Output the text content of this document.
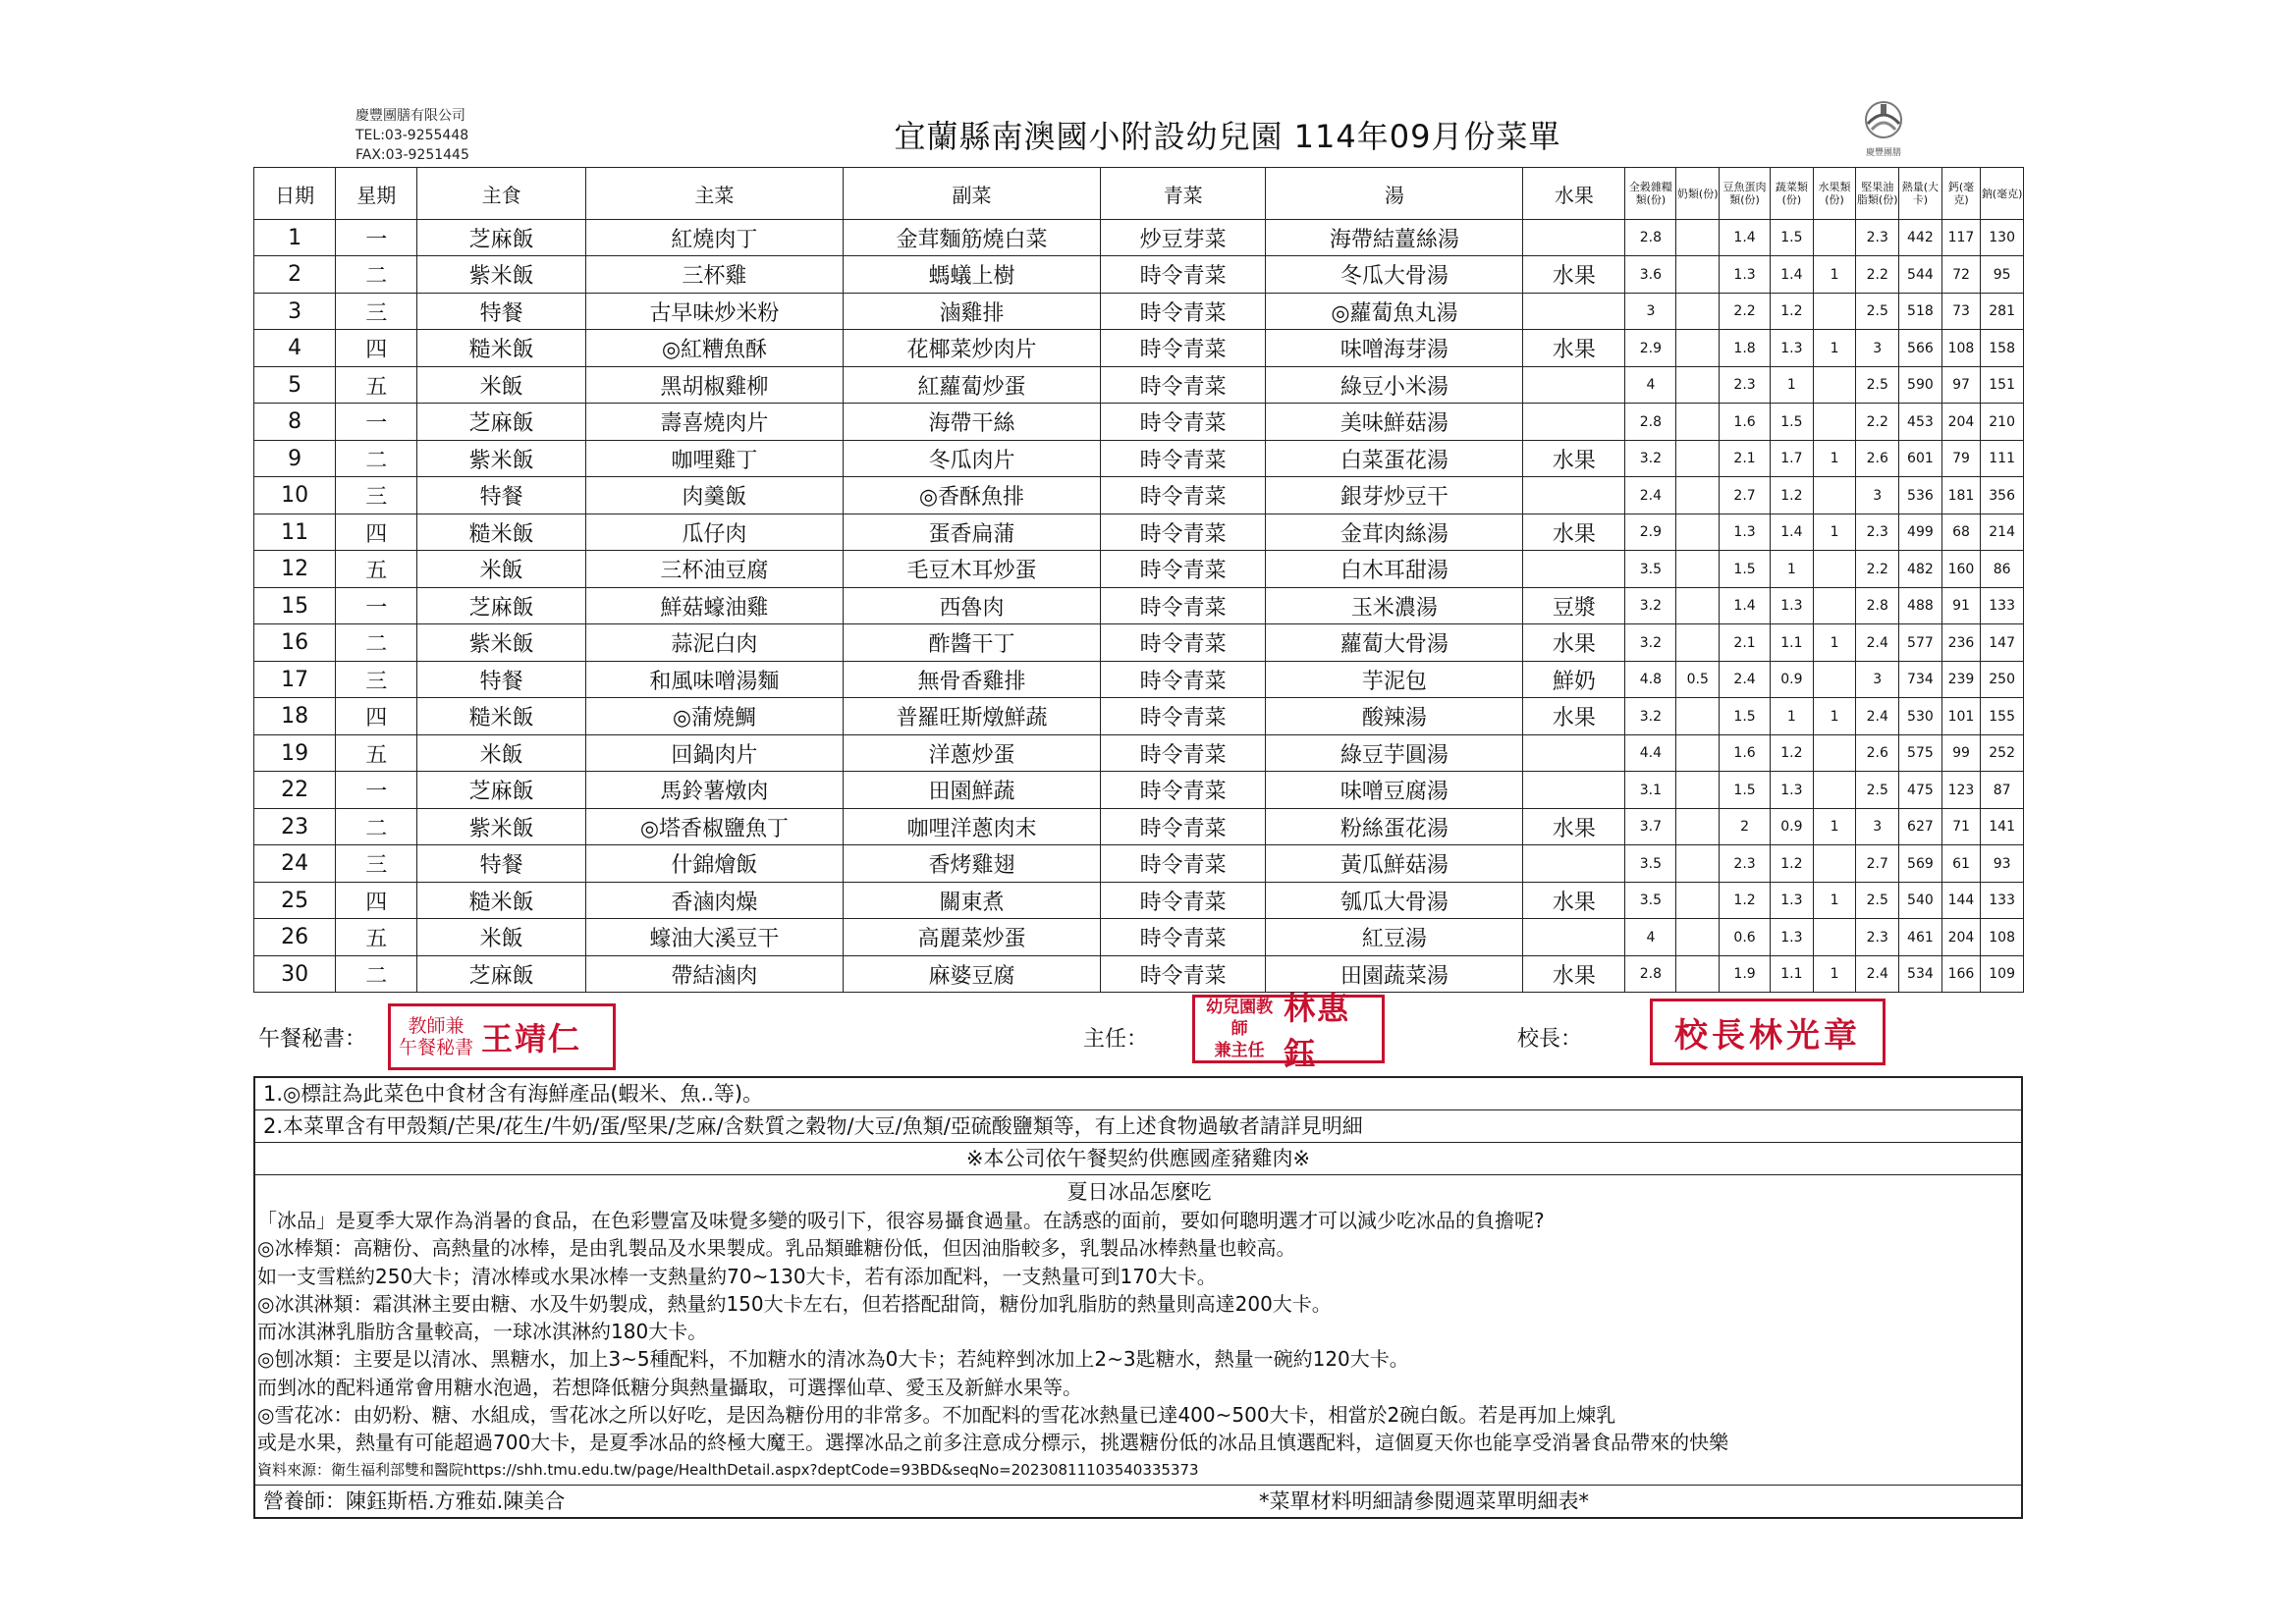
慶豐團膳有限公司
TEL:03-9255448
FAX:03-9251445	宜蘭縣南澳國小附設幼兒園 114年09月份菜單	慶豐團膳
日期	星期	主食	主菜	副菜	青菜	湯	水果	全穀雜糧類(份)	奶類(份)	豆魚蛋肉類(份)	蔬菜類(份)	水果類(份)	堅果油脂類(份)	熱量(大卡)	鈣(毫克)	鈉(毫克)
1	一	芝麻飯	紅燒肉丁	金茸麵筋燒白菜	炒豆芽菜	海帶結薑絲湯		2.8		1.4	1.5		2.3	442	117	130
2	二	紫米飯	三杯雞	螞蟻上樹	時令青菜	冬瓜大骨湯	水果	3.6		1.3	1.4	1	2.2	544	72	95
3	三	特餐	古早味炒米粉	滷雞排	時令青菜	◎蘿蔔魚丸湯		3		2.2	1.2		2.5	518	73	281
4	四	糙米飯	◎紅糟魚酥	花椰菜炒肉片	時令青菜	味噌海芽湯	水果	2.9		1.8	1.3	1	3	566	108	158
5	五	米飯	黑胡椒雞柳	紅蘿蔔炒蛋	時令青菜	綠豆小米湯		4		2.3	1		2.5	590	97	151
8	一	芝麻飯	壽喜燒肉片	海帶干絲	時令青菜	美味鮮菇湯		2.8		1.6	1.5		2.2	453	204	210
9	二	紫米飯	咖哩雞丁	冬瓜肉片	時令青菜	白菜蛋花湯	水果	3.2		2.1	1.7	1	2.6	601	79	111
10	三	特餐	肉羹飯	◎香酥魚排	時令青菜	銀芽炒豆干		2.4		2.7	1.2		3	536	181	356
11	四	糙米飯	瓜仔肉	蛋香扁蒲	時令青菜	金茸肉絲湯	水果	2.9		1.3	1.4	1	2.3	499	68	214
12	五	米飯	三杯油豆腐	毛豆木耳炒蛋	時令青菜	白木耳甜湯		3.5		1.5	1		2.2	482	160	86
15	一	芝麻飯	鮮菇蠔油雞	西魯肉	時令青菜	玉米濃湯	豆漿	3.2		1.4	1.3		2.8	488	91	133
16	二	紫米飯	蒜泥白肉	酢醬干丁	時令青菜	蘿蔔大骨湯	水果	3.2		2.1	1.1	1	2.4	577	236	147
17	三	特餐	和風味噌湯麵	無骨香雞排	時令青菜	芋泥包	鮮奶	4.8	0.5	2.4	0.9		3	734	239	250
18	四	糙米飯	◎蒲燒鯛	普羅旺斯燉鮮蔬	時令青菜	酸辣湯	水果	3.2		1.5	1	1	2.4	530	101	155
19	五	米飯	回鍋肉片	洋蔥炒蛋	時令青菜	綠豆芋圓湯		4.4		1.6	1.2		2.6	575	99	252
22	一	芝麻飯	馬鈴薯燉肉	田園鮮蔬	時令青菜	味噌豆腐湯		3.1		1.5	1.3		2.5	475	123	87
23	二	紫米飯	◎塔香椒鹽魚丁	咖哩洋蔥肉末	時令青菜	粉絲蛋花湯	水果	3.7		2	0.9	1	3	627	71	141
24	三	特餐	什錦燴飯	香烤雞翅	時令青菜	黃瓜鮮菇湯		3.5		2.3	1.2		2.7	569	61	93
25	四	糙米飯	香滷肉燥	關東煮	時令青菜	瓠瓜大骨湯	水果	3.5		1.2	1.3	1	2.5	540	144	133
26	五	米飯	蠔油大溪豆干	高麗菜炒蛋	時令青菜	紅豆湯		4		0.6	1.3		2.3	461	204	108
30	二	芝麻飯	帶結滷肉	麻婆豆腐	時令青菜	田園蔬菜湯	水果	2.8		1.9	1.1	1	2.4	534	166	109
午餐秘書：
教師兼
午餐秘書 王靖仁	主任：
幼兒園教師
兼主任
林惠鈺	校長：	校長林光章
1.◎標註為此菜色中食材含有海鮮產品(蝦米、魚..等)。
2.本菜單含有甲殼類/芒果/花生/牛奶/蛋/堅果/芝麻/含麩質之穀物/大豆/魚類/亞硫酸鹽類等，有上述食物過敏者請詳見明細
※本公司依午餐契約供應國產豬雞肉※
夏日冰品怎麼吃
「冰品」是夏季大眾作為消暑的食品，在色彩豐富及味覺多變的吸引下，很容易攝食過量。在誘惑的面前，要如何聰明選才可以減少吃冰品的負擔呢?
◎冰棒類：高糖份、高熱量的冰棒，是由乳製品及水果製成。乳品類雖糖份低，但因油脂較多，乳製品冰棒熱量也較高。
如一支雪糕約250大卡；清冰棒或水果冰棒一支熱量約70~130大卡，若有添加配料，一支熱量可到170大卡。
◎冰淇淋類：霜淇淋主要由糖、水及牛奶製成，熱量約150大卡左右，但若搭配甜筒，糖份加乳脂肪的熱量則高達200大卡。
而冰淇淋乳脂肪含量較高，一球冰淇淋約180大卡。
◎刨冰類：主要是以清冰、黑糖水，加上3~5種配料，不加糖水的清冰為0大卡；若純粹剉冰加上2~3匙糖水，熱量一碗約120大卡。
而剉冰的配料通常會用糖水泡過，若想降低糖分與熱量攝取，可選擇仙草、愛玉及新鮮水果等。
◎雪花冰：由奶粉、糖、水組成，雪花冰之所以好吃，是因為糖份用的非常多。不加配料的雪花冰熱量已達400~500大卡，相當於2碗白飯。若是再加上煉乳
或是水果，熱量有可能超過700大卡，是夏季冰品的終極大魔王。選擇冰品之前多注意成分標示，挑選糖份低的冰品且慎選配料，這個夏天你也能享受消暑食品帶來的快樂
資料來源：衛生福利部雙和醫院https://shh.tmu.edu.tw/page/HealthDetail.aspx?deptCode=93BD&seqNo=20230811103540335373
營養師：陳鈺斯梧.方雅茹.陳美合	*菜單材料明細請參閱週菜單明細表*
